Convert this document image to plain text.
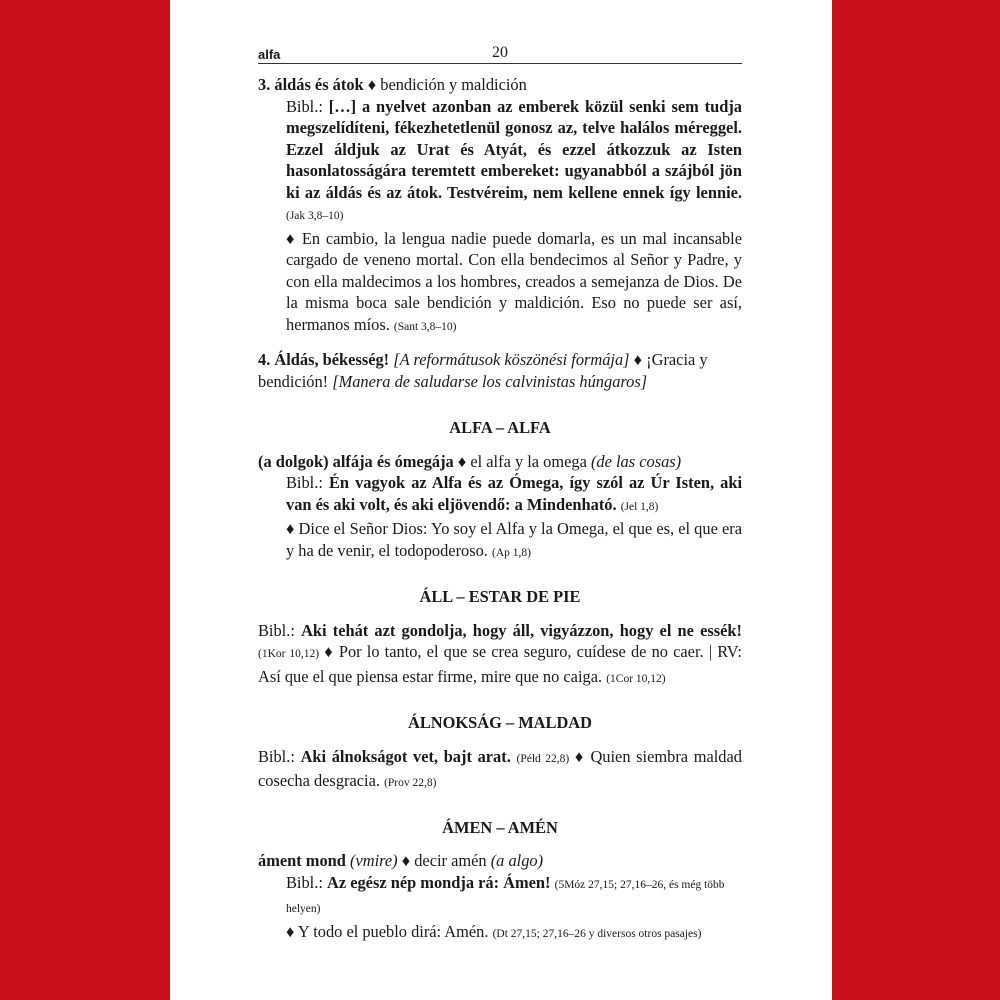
alfa	20

3. áldás és átok ♦ bendición y maldición

Bibl.: […] a nyelvet azonban az emberek közül senki sem tudja megszelídíteni, fékezhetetlenül gonosz az, telve halálos méreggel. Ezzel áldjuk az Urat és Atyát, és ezzel átkozzuk az Isten hasonlatosságára teremtett embereket: ugyanabból a szájból jön ki az áldás és az átok. Testvéreim, nem kellene ennek így lennie. (Jak 3,8–10)

♦ En cambio, la lengua nadie puede domarla, es un mal incansable cargado de veneno mortal. Con ella bendecimos al Señor y Padre, y con ella maldecimos a los hombres, creados a semejanza de Dios. De la misma boca sale bendición y maldición. Eso no puede ser así, hermanos míos. (Sant 3,8–10)

4. Áldás, békesség! [A reformátusok köszönési formája] ♦ ¡Gracia y bendición! [Manera de saludarse los calvinistas húngaros]

ALFA – ALFA

(a dolgok) alfája és ómegája ♦ el alfa y la omega (de las cosas)

Bibl.: Én vagyok az Alfa és az Ómega, így szól az Úr Isten, aki van és aki volt, és aki eljövendő: a Mindenható. (Jel 1,8)

♦ Dice el Señor Dios: Yo soy el Alfa y la Omega, el que es, el que era y ha de venir, el todopoderoso. (Ap 1,8)

ÁLL – ESTAR DE PIE

Bibl.: Aki tehát azt gondolja, hogy áll, vigyázzon, hogy el ne essék! (1Kor 10,12) ♦ Por lo tanto, el que se crea seguro, cuídese de no caer. | RV: Así que el que piensa estar firme, mire que no caiga. (1Cor 10,12)

ÁLNOKSÁG – MALDAD

Bibl.: Aki álnokságot vet, bajt arat. (Péld 22,8) ♦ Quien siembra maldad cosecha desgracia. (Prov 22,8)

ÁMEN – AMÉN

áment mond (vmire) ♦ decir amén (a algo)

Bibl.: Az egész nép mondja rá: Ámen! (5Móz 27,15; 27,16–26, és még több helyen)

♦ Y todo el pueblo dirá: Amén. (Dt 27,15; 27,16–26 y diversos otros pasajes)
